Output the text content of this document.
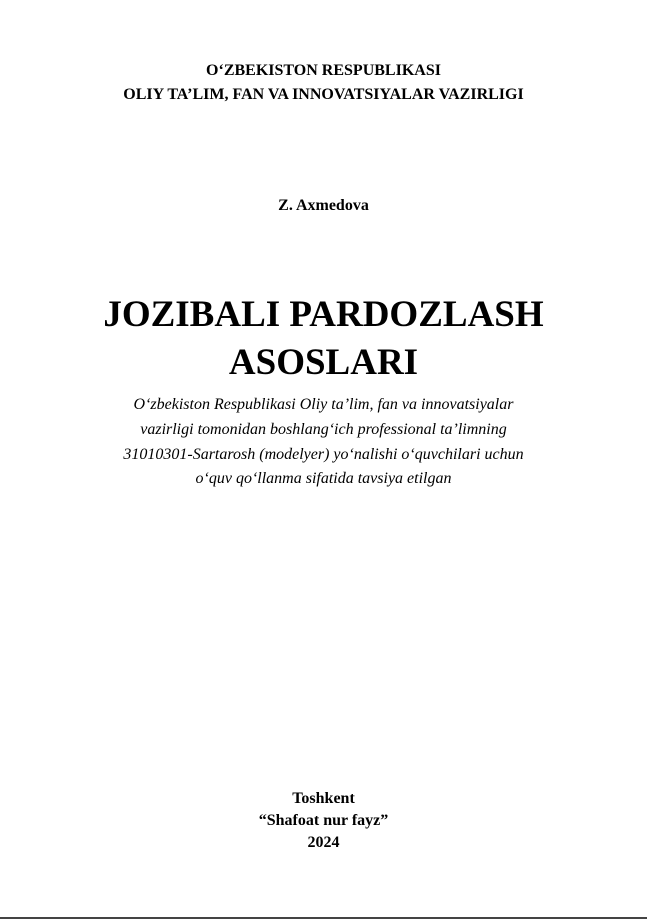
O‘ZBEKISTON RESPUBLIKASI
OLIY TA’LIM, FAN VA INNOVATSIYALAR VAZIRLIGI
Z. Axmedova
JOZIBALI PARDOZLASH
ASOSLARI
O‘zbekiston Respublikasi Oliy ta’lim, fan va innovatsiyalar
vazirligi tomonidan boshlang‘ich professional ta’limning
31010301-Sartarosh (modelyer) yo‘nalishi o‘quvchilari uchun
o‘quv qo‘llanma sifatida tavsiya etilgan
Toshkent
“Shafoat nur fayz”
2024
